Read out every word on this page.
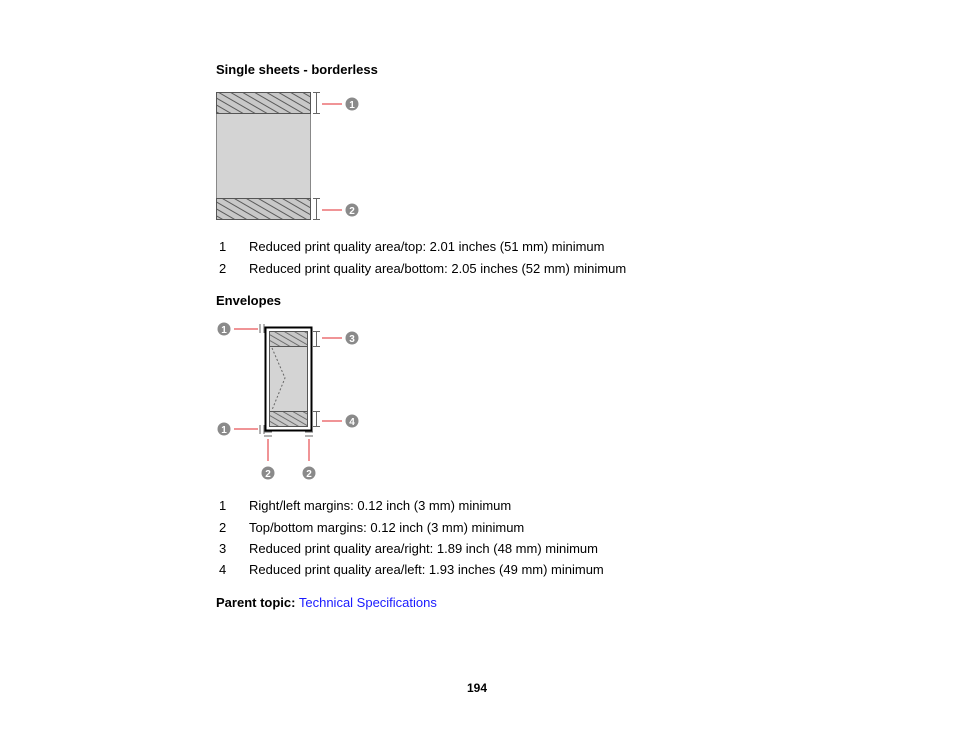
Single sheets - borderless
1
2
1 Reduced print quality area/top: 2.01 inches (51 mm) minimum
2 Reduced print quality area/bottom: 2.05 inches (52 mm) minimum
Envelopes
1
1
2	2
3
4
1 Right/left margins: 0.12 inch (3 mm) minimum
2 Top/bottom margins: 0.12 inch (3 mm) minimum
3 Reduced print quality area/right: 1.89 inch (48 mm) minimum
4 Reduced print quality area/left: 1.93 inches (49 mm) minimum
Parent topic: Technical Specifications
194
